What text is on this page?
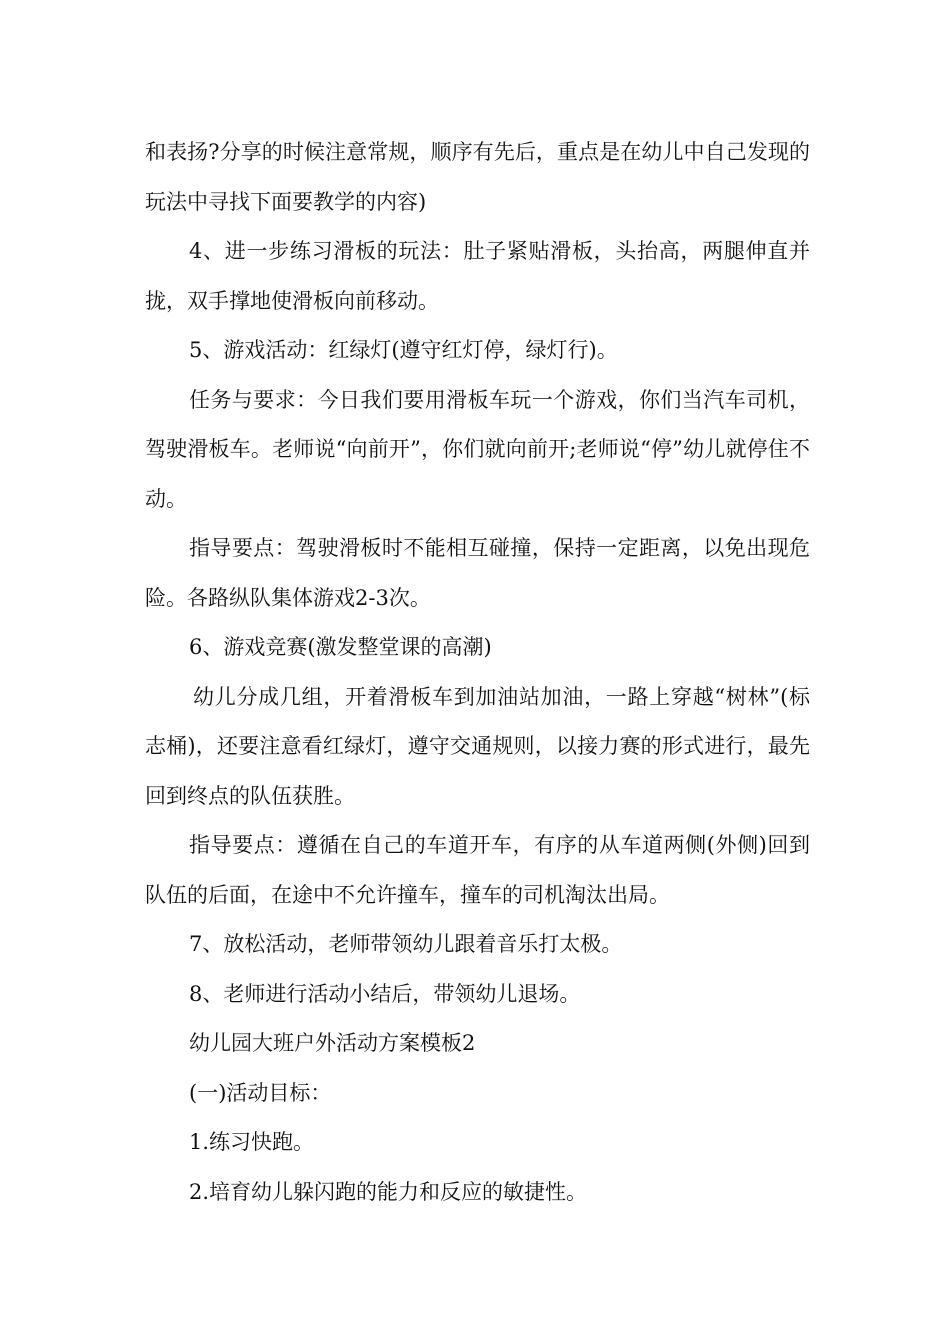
和表扬?分享的时候注意常规，顺序有先后，重点是在幼儿中自己发现的玩法中寻找下面要教学的内容)

4、进一步练习滑板的玩法：肚子紧贴滑板，头抬高，两腿伸直并拢，双手撑地使滑板向前移动。

5、游戏活动：红绿灯(遵守红灯停，绿灯行)。

任务与要求：今日我们要用滑板车玩一个游戏，你们当汽车司机，驾驶滑板车。老师说“向前开”，你们就向前开;老师说“停”幼儿就停住不动。

指导要点：驾驶滑板时不能相互碰撞，保持一定距离，以免出现危险。各路纵队集体游戏2-3次。

6、游戏竞赛(激发整堂课的高潮)

幼儿分成几组，开着滑板车到加油站加油，一路上穿越“树林”(标志桶)，还要注意看红绿灯，遵守交通规则，以接力赛的形式进行，最先回到终点的队伍获胜。

指导要点：遵循在自己的车道开车，有序的从车道两侧(外侧)回到队伍的后面，在途中不允许撞车，撞车的司机淘汰出局。

7、放松活动，老师带领幼儿跟着音乐打太极。

8、老师进行活动小结后，带领幼儿退场。

幼儿园大班户外活动方案模板2

(一)活动目标：

1.练习快跑。

2.培育幼儿躲闪跑的能力和反应的敏捷性。
